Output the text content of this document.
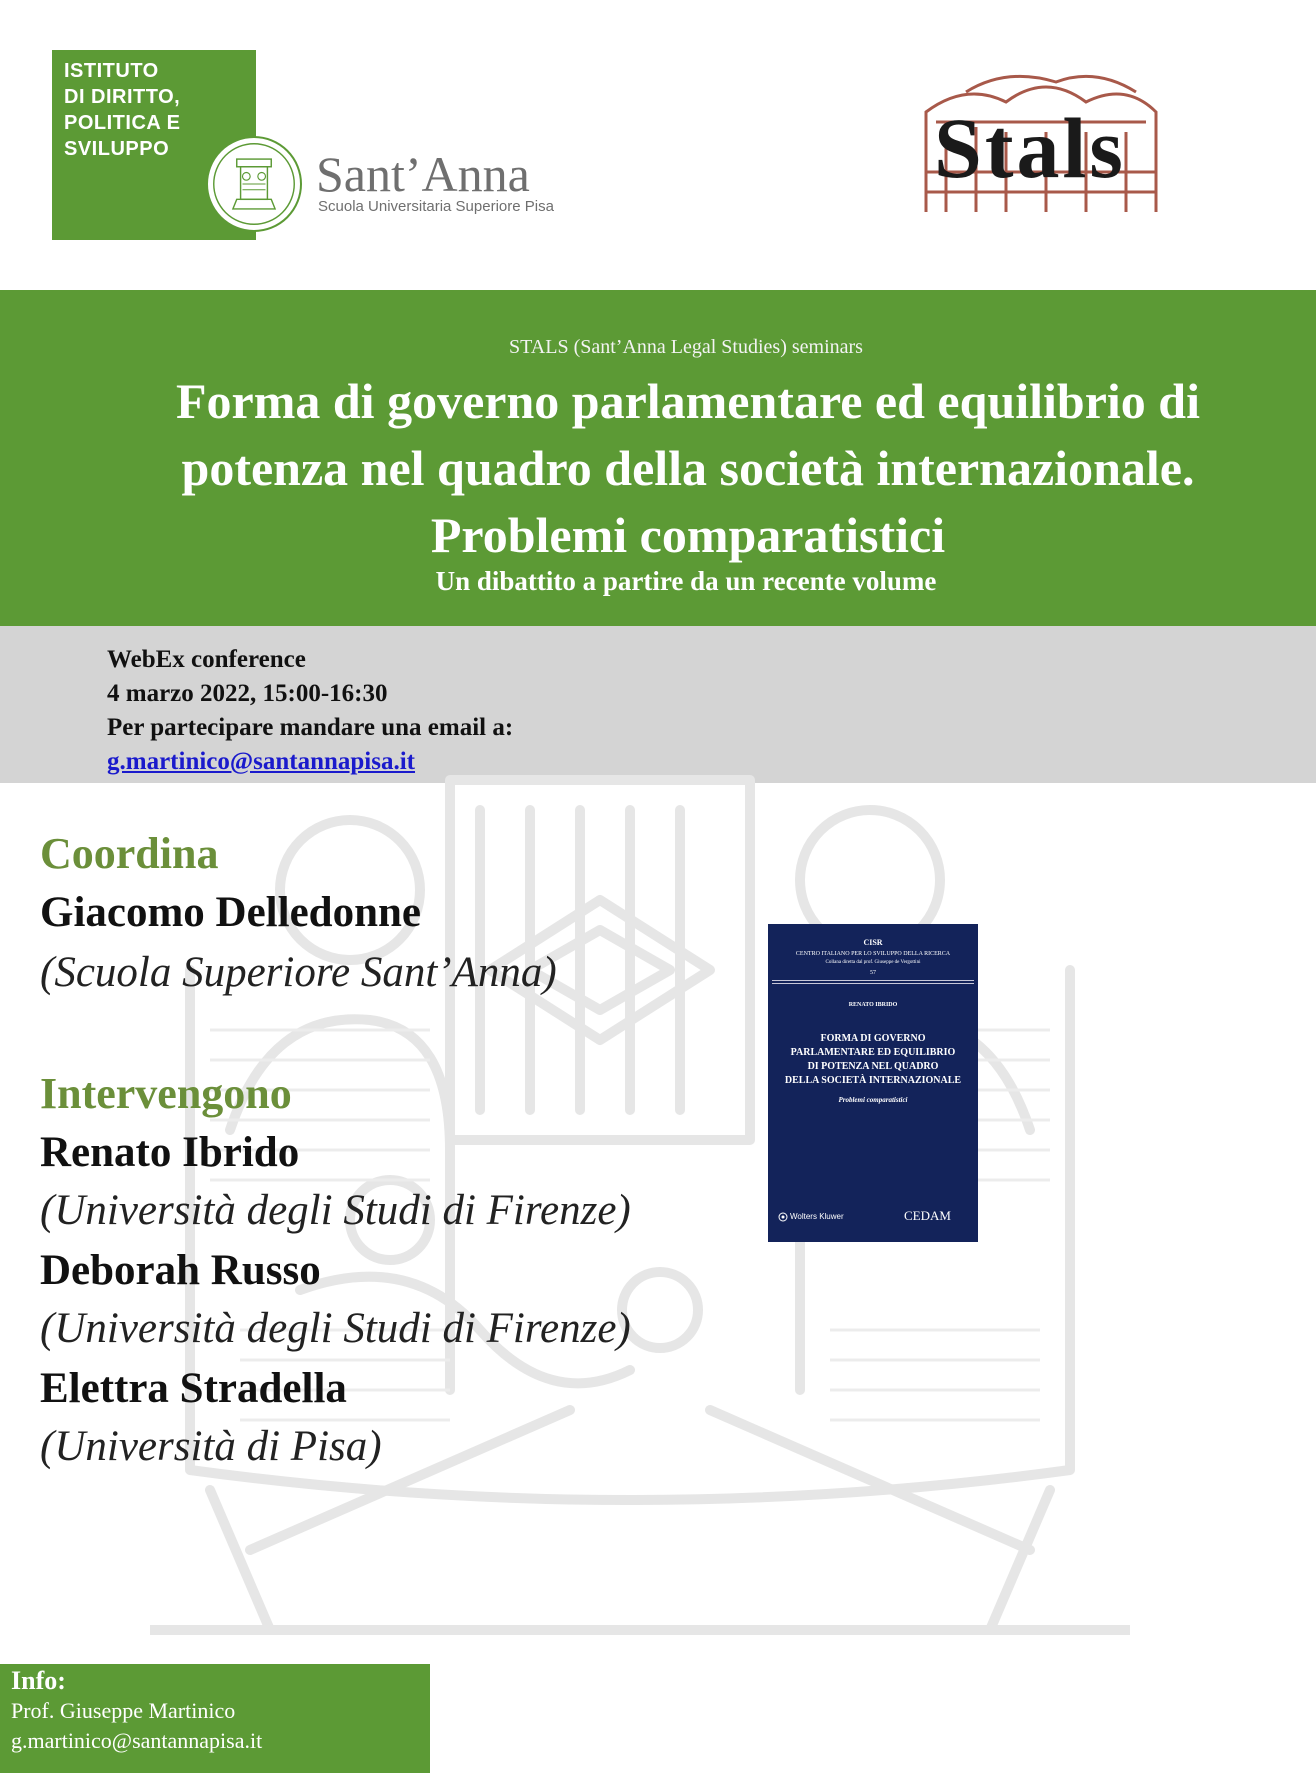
ISTITUTO
DI DIRITTO,
POLITICA E
SVILUPPO	Sant’Anna
Scuola Universitaria Superiore Pisa
Stals
STALS (Sant’Anna Legal Studies) seminars
Forma di governo parlamentare ed equilibrio di potenza nel quadro della società internazionale. Problemi comparatistici
Un dibattito a partire da un recente volume
WebEx conference
4 marzo 2022, 15:00-16:30
Per partecipare mandare una email a:
g.martinico@santannapisa.it
Coordina
Giacomo Delledonne
(Scuola Superiore Sant’Anna)
Intervengono
Renato Ibrido
(Università degli Studi di Firenze)
Deborah Russo
(Università degli Studi di Firenze)
Elettra Stradella
(Università di Pisa)
CISR
CENTRO ITALIANO PER LO SVILUPPO DELLA RICERCA
Collana diretta dal prof. Giuseppe de Vergottini
57
RENATO IBRIDO
FORMA DI GOVERNO
PARLAMENTARE ED EQUILIBRIO
DI POTENZA NEL QUADRO
DELLA SOCIETÀ INTERNAZIONALE
Problemi comparatistici
Wolters Kluwer	CEDAM
Info:
Prof. Giuseppe Martinico
g.martinico@santannapisa.it
